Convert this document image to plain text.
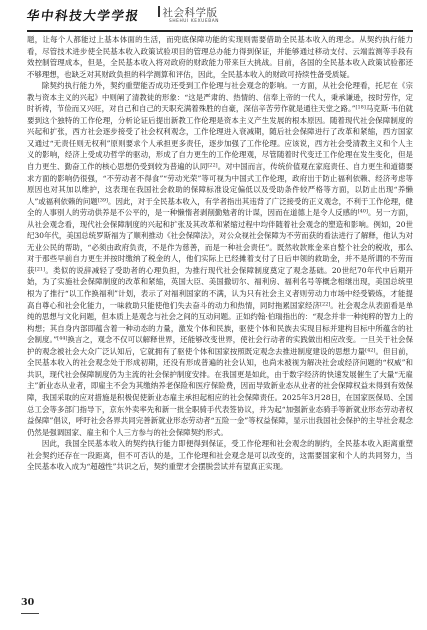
华中科技大学学报	社会科学版
SHEHUI KEXUEBAN

题，让每个人都能过上基本体面的生活，而兜底保障功能的实现则需要借助全民基本收入的理念。从契约执行能力看，尽管技术进步使全民基本收入政策试验项目的管理总办能力得到保证，并能够通过移动支付、云端监测等手段有效控制管理成本，但是，全民基本收入将对政府的财政能力带来巨大挑战。目前，各国的全民基本收入政策试验都还不够理想，也缺乏对其财政负担的科学测算和评估，因此，全民基本收入的财政可持续性备受质疑。

除契约执行能力外，契约重塑能否成功还受到工作伦理与社会观念的影响。一方面，从社会伦理看，托尼在《宗教与资本主义的兴起》中则阐了清教徒的形象：“这是严肃的、热情的、信奉上帝的一代人，秉承谦逊，按时劳作，定时祈祷，节俭而又兴旺，对自己和自己的天职充满着殊胜的自豪，深信辛苦劳作就是通往天堂之路。”[18]马克斯·韦伯就要到这个独特的工作伦理，分析论证后提出新教工作伦理是资本主义产生发展的根本原因。随着现代社会保障制度的兴起和扩张，西方社会逐步接受了社会权利观念，工作伦理进入衰减期，随后社会保障进行了改革和紧缩，西方国家又通过“无责任则无权利”原则要求个人承担更多责任，逐步加强了工作伦理。应该说，西方社会受清教主义和个人主义的影响，经济上受成功哲学的驱动，形成了自力更生的工作伦理观，尽管随着时代变迁工作伦理在发生变化，但是自力更生、勤奋工作的核心思想仍受到较为普遍的认同[22]。对中国而言，传统价值观在家庭责任、自力更生和道德要求方面的影响仍很强，“不劳动者不得食”“劳动光荣”等可视为中国式工作伦理，政府出于防止福利依赖、经济考虑等原因也对其加以维护，这表现在我国社会救助的保障标准设定偏低以及受助条件较严格等方面，以防止出现“养懒人”或福利依赖的问题[39]。因此，对于全民基本收入，有学者指出其违背了广泛接受的正义观念，不利于工作伦理，健全的人事别人的劳动供养是不公平的，是一种懒惰者剥削勤勉者的计谋，因而在道德上是令人反感的[40]。另一方面，从社会观念看，现代社会保障制度的兴起和扩张及其改革和紧缩过程中均伴随着社会观念的塑造和影响。例如，20世纪30年代，美国总统罗斯福为了顺利推动《社会保障法》，对公众视社会保障为不劳而获的看法进行了解释，他认为对无业公民的帮助，“必须由政府负责，不是作为慈善，而是一种社会责任”。既然收款账金来自整个社会的税收，那么对于那些早前自力更生并按时缴纳了税金的人，他们实际上已经摊着支付了日后申领的救助金，并不是所谓的不劳而获[21]。类似的说辞减轻了受助者的心理负担，为推行现代社会保障制度奠定了观念基础。20世纪70年代中后期开始，为了实施社会保障制度的改革和紧缩，英国大臣、美国撒切尔、福利房、福利名号等概念相继出现，美国总统里根为了推行“以工作换福利”计划，表示了对福利国家的不满，认为只有社会主义者则劳动力市场中经受锻炼，才能提高自尊心和社会化能力，一味救助只能使他们失去奋斗的动力和热情，同时拖累国家经济[22]。社会观念从表面看是单纯的思想与文化问题，但本质上是观念与社会之间的互动问题。正如约翰·伯瑞指出的：“观念并非一种纯粹的智力上的构想；其自身内部即蕴含着一种动态的力量，激发个体和民族，驱使个体和民族去实现目标并建构目标中所蕴含的社会制度。”[44]换言之，观念不仅可以解释世界，还能够改变世界，使社会行动者的实践做出相应改变。一旦关于社会保护的观念被社会大众广泛认知后，它就拥有了驱使个体和国家按照既定观念去推进制度建设的思想力量[42]。但目前，全民基本收入的社会观念处于形成初期，还没有形成普遍的社会认知，也尚未被视为解决社会或经济问题的“权威”和共识，现代社会保障制度仍为主流的社会保护制度安排。在我国更是如此，由于数字经济的快速发展催生了大量“无雇主”新业态从业者，即雇主不会为其缴纳养老保险和医疗保险费，因而导致新业态从业者的社会保障权益未得到有效保障，我国采取的应对措施是积极促使新业态雇主承担起相应的社会保障责任。2025年3月28日，在国家医保局、全国总工会等多部门指导下，京东外卖率先和新一批全职骑手代表签协议，并为起“加强新业态骑手等新就业形态劳动者权益保障”倡议，呼吁社会各界共同完善新就业形态劳动者“五险一金”等权益保障，显示出我国社会保护的主导社会观念仍然是强调国家、雇主和个人三方参与的社会保障契约形式。

因此，我国全民基本收入的契约执行能力即便得到保证，受工作伦理和社会观念的制约，全民基本收入距离重塑社会契约还存在一段距离，但不可否认的是，工作伦理和社会观念是可以改变的，这需要国家和个人的共同努力，当全民基本收入成为“超越性”共识之后，契约重塑才会摆脱尝试并有望真正实现。

30
